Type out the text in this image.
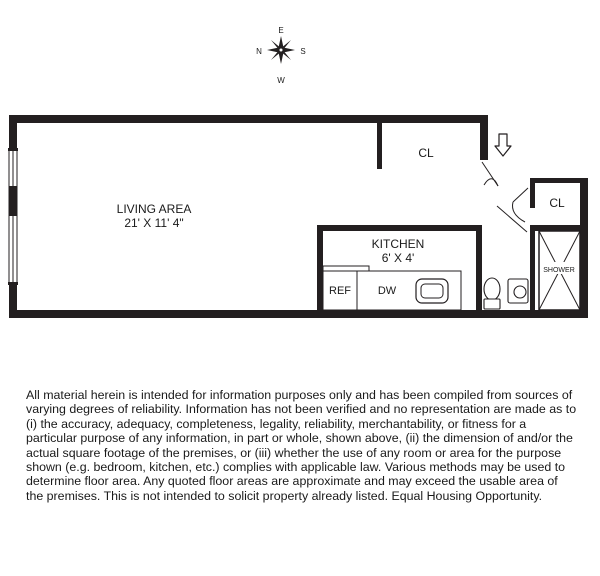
E
N	S
W
LIVING AREA
21' X 11' 4"
CL
CL
KITCHEN
6' X 4'
SHOWER
REF DW

All material herein is intended for information purposes only and has been compiled from sources of varying degrees of reliability. Information has not been verified and no representation are made as to (i) the accuracy, adequacy, completeness, legality, reliability, merchantability, or fitness for a particular purpose of any information, in part or whole, shown above, (ii) the dimension of and/or the actual square footage of the premises, or (iii) whether the use of any room or area for the purpose shown (e.g. bedroom, kitchen, etc.) complies with applicable law. Various methods may be used to determine floor area. Any quoted floor areas are approximate and may exceed the usable area of the premises. This is not intended to solicit property already listed. Equal Housing Opportunity.
